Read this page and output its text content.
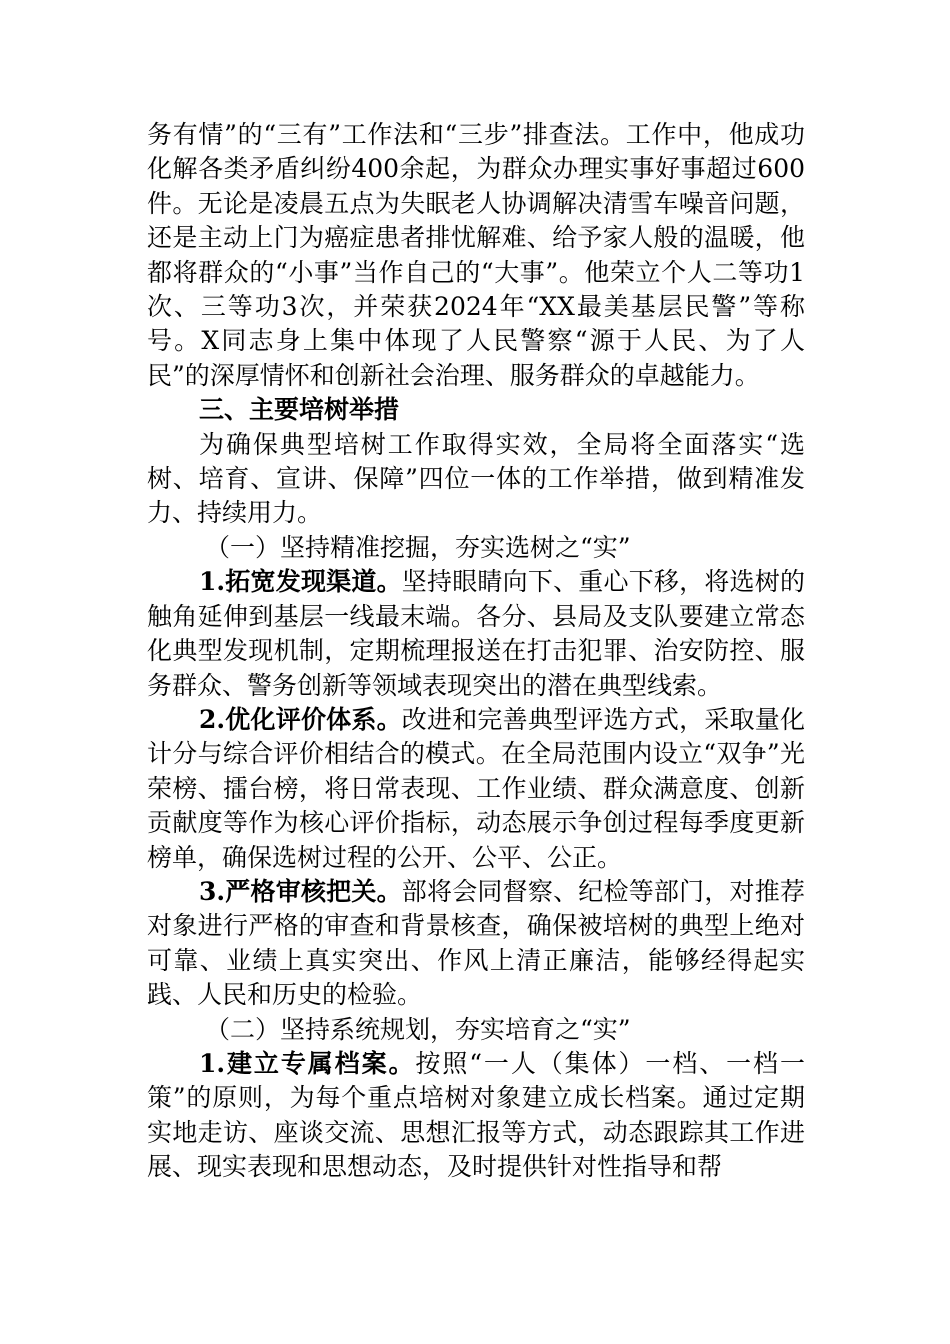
务有情”的“三有”工作法和“三步”排查法。工作中，他成功化解各类矛盾纠纷400余起，为群众办理实事好事超过600件。无论是凌晨五点为失眠老人协调解决清雪车噪音问题，还是主动上门为癌症患者排忧解难、给予家人般的温暖，他都将群众的“小事”当作自己的“大事”。他荣立个人二等功1次、三等功3次，并荣获2024年“XX最美基层民警”等称号。X同志身上集中体现了人民警察“源于人民、为了人民”的深厚情怀和创新社会治理、服务群众的卓越能力。

三、主要培树举措

为确保典型培树工作取得实效，全局将全面落实“选树、培育、宣讲、保障”四位一体的工作举措，做到精准发力、持续用力。

（一）坚持精准挖掘，夯实选树之“实”

1.拓宽发现渠道。坚持眼睛向下、重心下移，将选树的触角延伸到基层一线最末端。各分、县局及支队要建立常态化典型发现机制，定期梳理报送在打击犯罪、治安防控、服务群众、警务创新等领域表现突出的潜在典型线索。

2.优化评价体系。改进和完善典型评选方式，采取量化计分与综合评价相结合的模式。在全局范围内设立“双争”光荣榜、擂台榜，将日常表现、工作业绩、群众满意度、创新贡献度等作为核心评价指标，动态展示争创过程每季度更新榜单，确保选树过程的公开、公平、公正。

3.严格审核把关。部将会同督察、纪检等部门，对推荐对象进行严格的审查和背景核查，确保被培树的典型上绝对可靠、业绩上真实突出、作风上清正廉洁，能够经得起实践、人民和历史的检验。

（二）坚持系统规划，夯实培育之“实”

1.建立专属档案。按照“一人（集体）一档、一档一策”的原则，为每个重点培树对象建立成长档案。通过定期实地走访、座谈交流、思想汇报等方式，动态跟踪其工作进展、现实表现和思想动态，及时提供针对性指导和帮
